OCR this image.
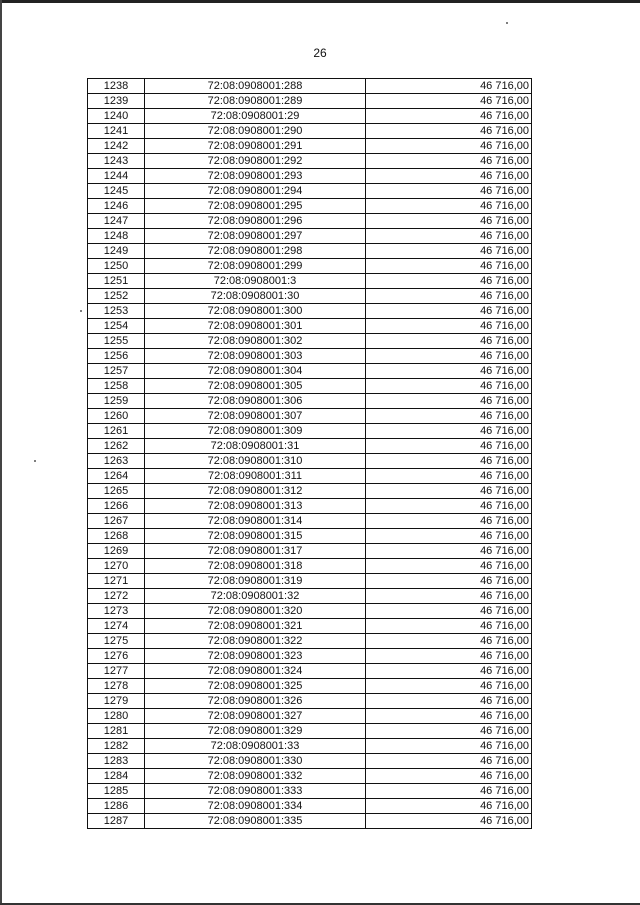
26
1238	72:08:0908001:288	46 716,00
1239	72:08:0908001:289	46 716,00
1240	72:08:0908001:29	46 716,00
1241	72:08:0908001:290	46 716,00
1242	72:08:0908001:291	46 716,00
1243	72:08:0908001:292	46 716,00
1244	72:08:0908001:293	46 716,00
1245	72:08:0908001:294	46 716,00
1246	72:08:0908001:295	46 716,00
1247	72:08:0908001:296	46 716,00
1248	72:08:0908001:297	46 716,00
1249	72:08:0908001:298	46 716,00
1250	72:08:0908001:299	46 716,00
1251	72:08:0908001:3	46 716,00
1252	72:08:0908001:30	46 716,00
1253	72:08:0908001:300	46 716,00
1254	72:08:0908001:301	46 716,00
1255	72:08:0908001:302	46 716,00
1256	72:08:0908001:303	46 716,00
1257	72:08:0908001:304	46 716,00
1258	72:08:0908001:305	46 716,00
1259	72:08:0908001:306	46 716,00
1260	72:08:0908001:307	46 716,00
1261	72:08:0908001:309	46 716,00
1262	72:08:0908001:31	46 716,00
1263	72:08:0908001:310	46 716,00
1264	72:08:0908001:311	46 716,00
1265	72:08:0908001:312	46 716,00
1266	72:08:0908001:313	46 716,00
1267	72:08:0908001:314	46 716,00
1268	72:08:0908001:315	46 716,00
1269	72:08:0908001:317	46 716,00
1270	72:08:0908001:318	46 716,00
1271	72:08:0908001:319	46 716,00
1272	72:08:0908001:32	46 716,00
1273	72:08:0908001:320	46 716,00
1274	72:08:0908001:321	46 716,00
1275	72:08:0908001:322	46 716,00
1276	72:08:0908001:323	46 716,00
1277	72:08:0908001:324	46 716,00
1278	72:08:0908001:325	46 716,00
1279	72:08:0908001:326	46 716,00
1280	72:08:0908001:327	46 716,00
1281	72:08:0908001:329	46 716,00
1282	72:08:0908001:33	46 716,00
1283	72:08:0908001:330	46 716,00
1284	72:08:0908001:332	46 716,00
1285	72:08:0908001:333	46 716,00
1286	72:08:0908001:334	46 716,00
1287	72:08:0908001:335	46 716,00
